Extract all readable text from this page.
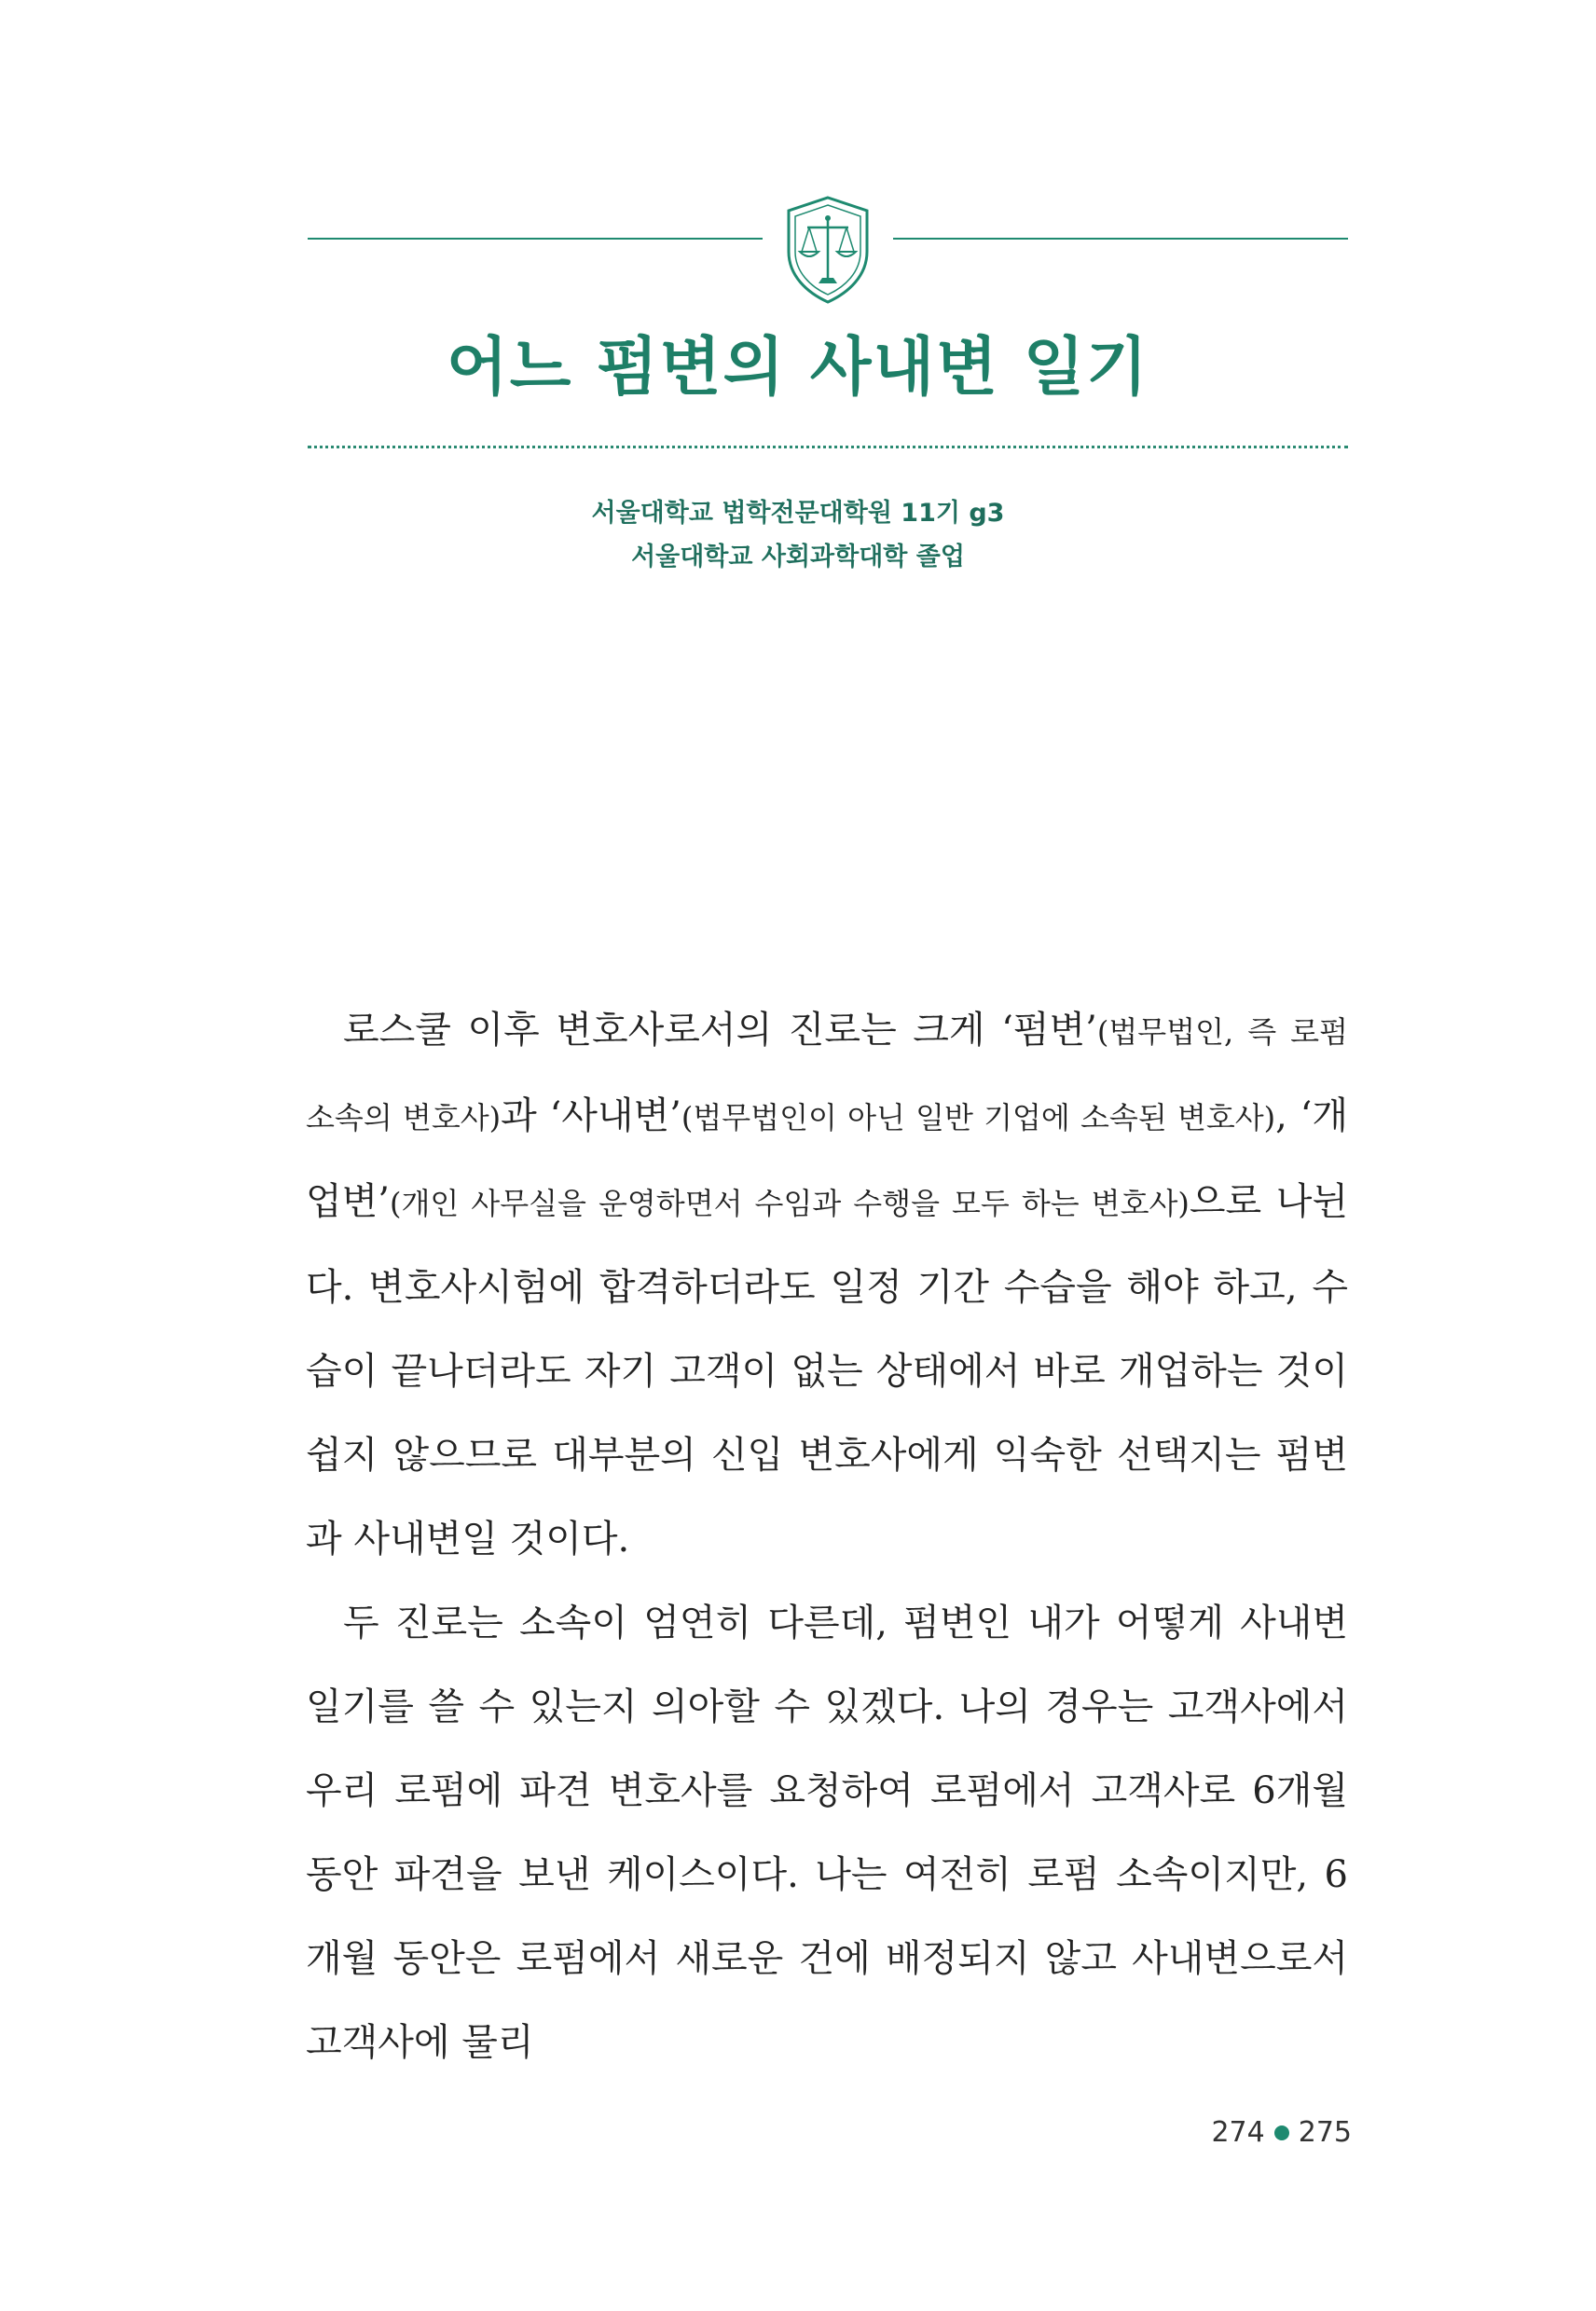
어느 펌변의 사내변 일기
서울대학교 법학전문대학원 11기 g3
서울대학교 사회과학대학 졸업

로스쿨 이후 변호사로서의 진로는 크게 ‘펌변’(법무법인, 즉 로펌 소속의 변호사)과 ‘사내변’(법무법인이 아닌 일반 기업에 소속된 변호사), ‘개업변’(개인 사무실을 운영하면서 수임과 수행을 모두 하는 변호사)으로 나뉜다. 변호사시험에 합격하더라도 일정 기간 수습을 해야 하고, 수습이 끝나더라도 자기 고객이 없는 상태에서 바로 개업하는 것이 쉽지 않으므로 대부분의 신입 변호사에게 익숙한 선택지는 펌변과 사내변일 것이다.

두 진로는 소속이 엄연히 다른데, 펌변인 내가 어떻게 사내변 일기를 쓸 수 있는지 의아할 수 있겠다. 나의 경우는 고객사에서 우리 로펌에 파견 변호사를 요청하여 로펌에서 고객사로 6개월 동안 파견을 보낸 케이스이다. 나는 여전히 로펌 소속이지만, 6개월 동안은 로펌에서 새로운 건에 배정되지 않고 사내변으로서 고객사에 물리

274 275
